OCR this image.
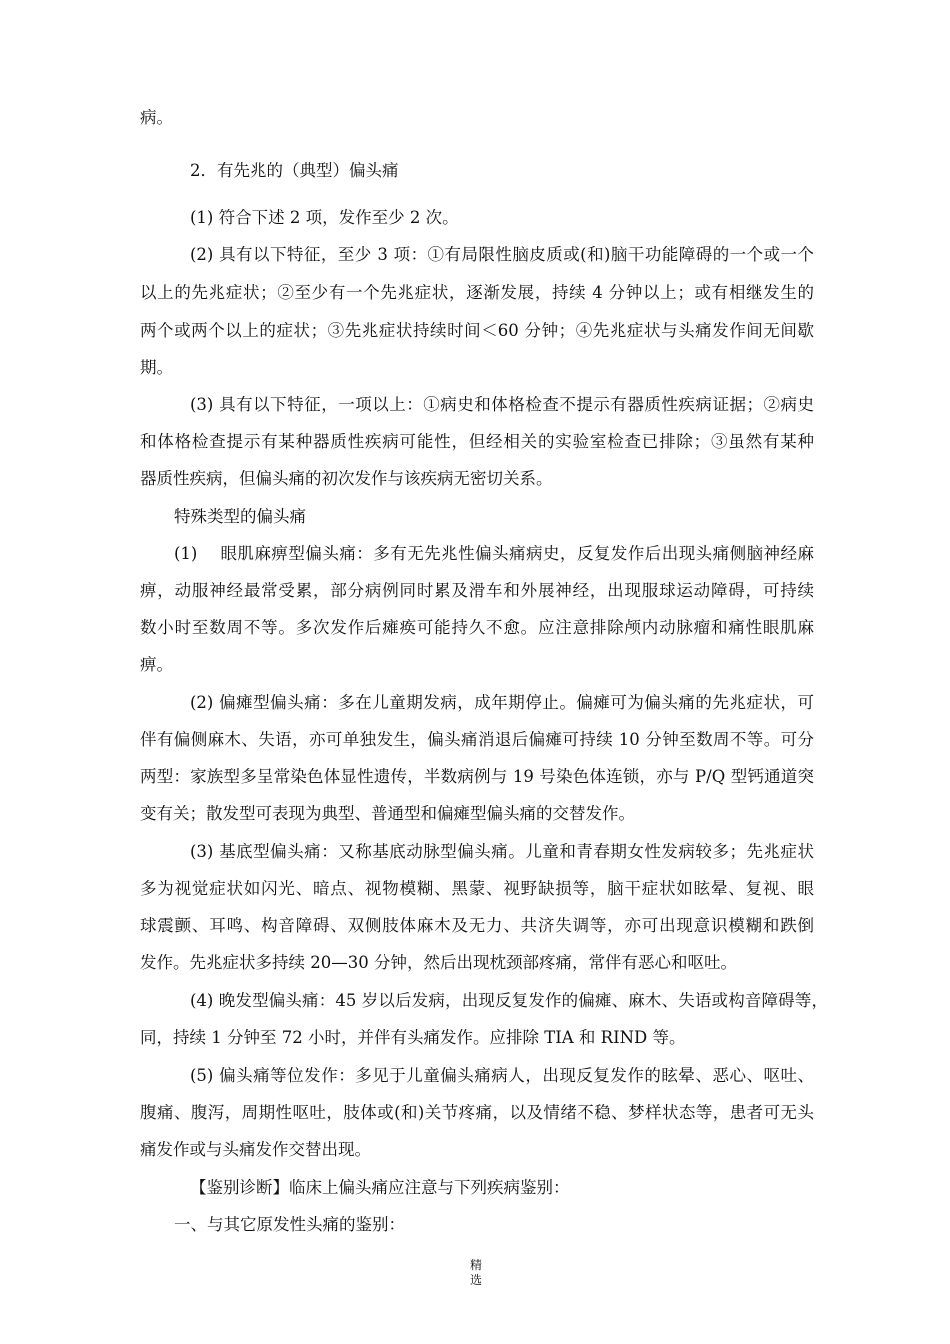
病。
2．有先兆的（典型）偏头痛
(1) 符合下述 2 项，发作至少 2 次。
(2) 具有以下特征，至少 3 项：①有局限性脑皮质或(和)脑干功能障碍的一个或一个
以上的先兆症状；②至少有一个先兆症状，逐渐发展，持续 4 分钟以上；或有相继发生的
两个或两个以上的症状；③先兆症状持续时间＜60 分钟；④先兆症状与头痛发作间无间歇
期。
(3) 具有以下特征，一项以上：①病史和体格检查不提示有器质性疾病证据；②病史
和体格检查提示有某种器质性疾病可能性，但经相关的实验室检查已排除；③虽然有某种
器质性疾病，但偏头痛的初次发作与该疾病无密切关系。
特殊类型的偏头痛
(1)　 眼肌麻痹型偏头痛：多有无先兆性偏头痛病史，反复发作后出现头痛侧脑神经麻
痹，动服神经最常受累，部分病例同时累及滑车和外展神经，出现服球运动障碍，可持续
数小时至数周不等。多次发作后瘫痪可能持久不愈。应注意排除颅内动脉瘤和痛性眼肌麻
痹。
(2) 偏瘫型偏头痛：多在儿童期发病，成年期停止。偏瘫可为偏头痛的先兆症状，可
伴有偏侧麻木、失语，亦可单独发生，偏头痛消退后偏瘫可持续 10 分钟至数周不等。可分
两型：家族型多呈常染色体显性遗传，半数病例与 19 号染色体连锁，亦与 P/Q 型钙通道突
变有关；散发型可表现为典型、普通型和偏瘫型偏头痛的交替发作。
(3) 基底型偏头痛：又称基底动脉型偏头痛。儿童和青春期女性发病较多；先兆症状
多为视觉症状如闪光、暗点、视物模糊、黑蒙、视野缺损等，脑干症状如眩晕、复视、眼
球震颤、耳鸣、构音障碍、双侧肢体麻木及无力、共济失调等，亦可出现意识模糊和跌倒
发作。先兆症状多持续 20—30 分钟，然后出现枕颈部疼痛，常伴有恶心和呕吐。
(4) 晚发型偏头痛：45 岁以后发病，出现反复发作的偏瘫、麻木、失语或构音障碍等，
同，持续 1 分钟至 72 小时，并伴有头痛发作。应排除 TIA 和 RIND 等。
(5) 偏头痛等位发作：多见于儿童偏头痛病人，出现反复发作的眩晕、恶心、呕吐、
腹痛、腹泻，周期性呕吐，肢体或(和)关节疼痛，以及情绪不稳、梦样状态等，患者可无头
痛发作或与头痛发作交替出现。
【鉴别诊断】临床上偏头痛应注意与下列疾病鉴别：
一、与其它原发性头痛的鉴别：
精选
